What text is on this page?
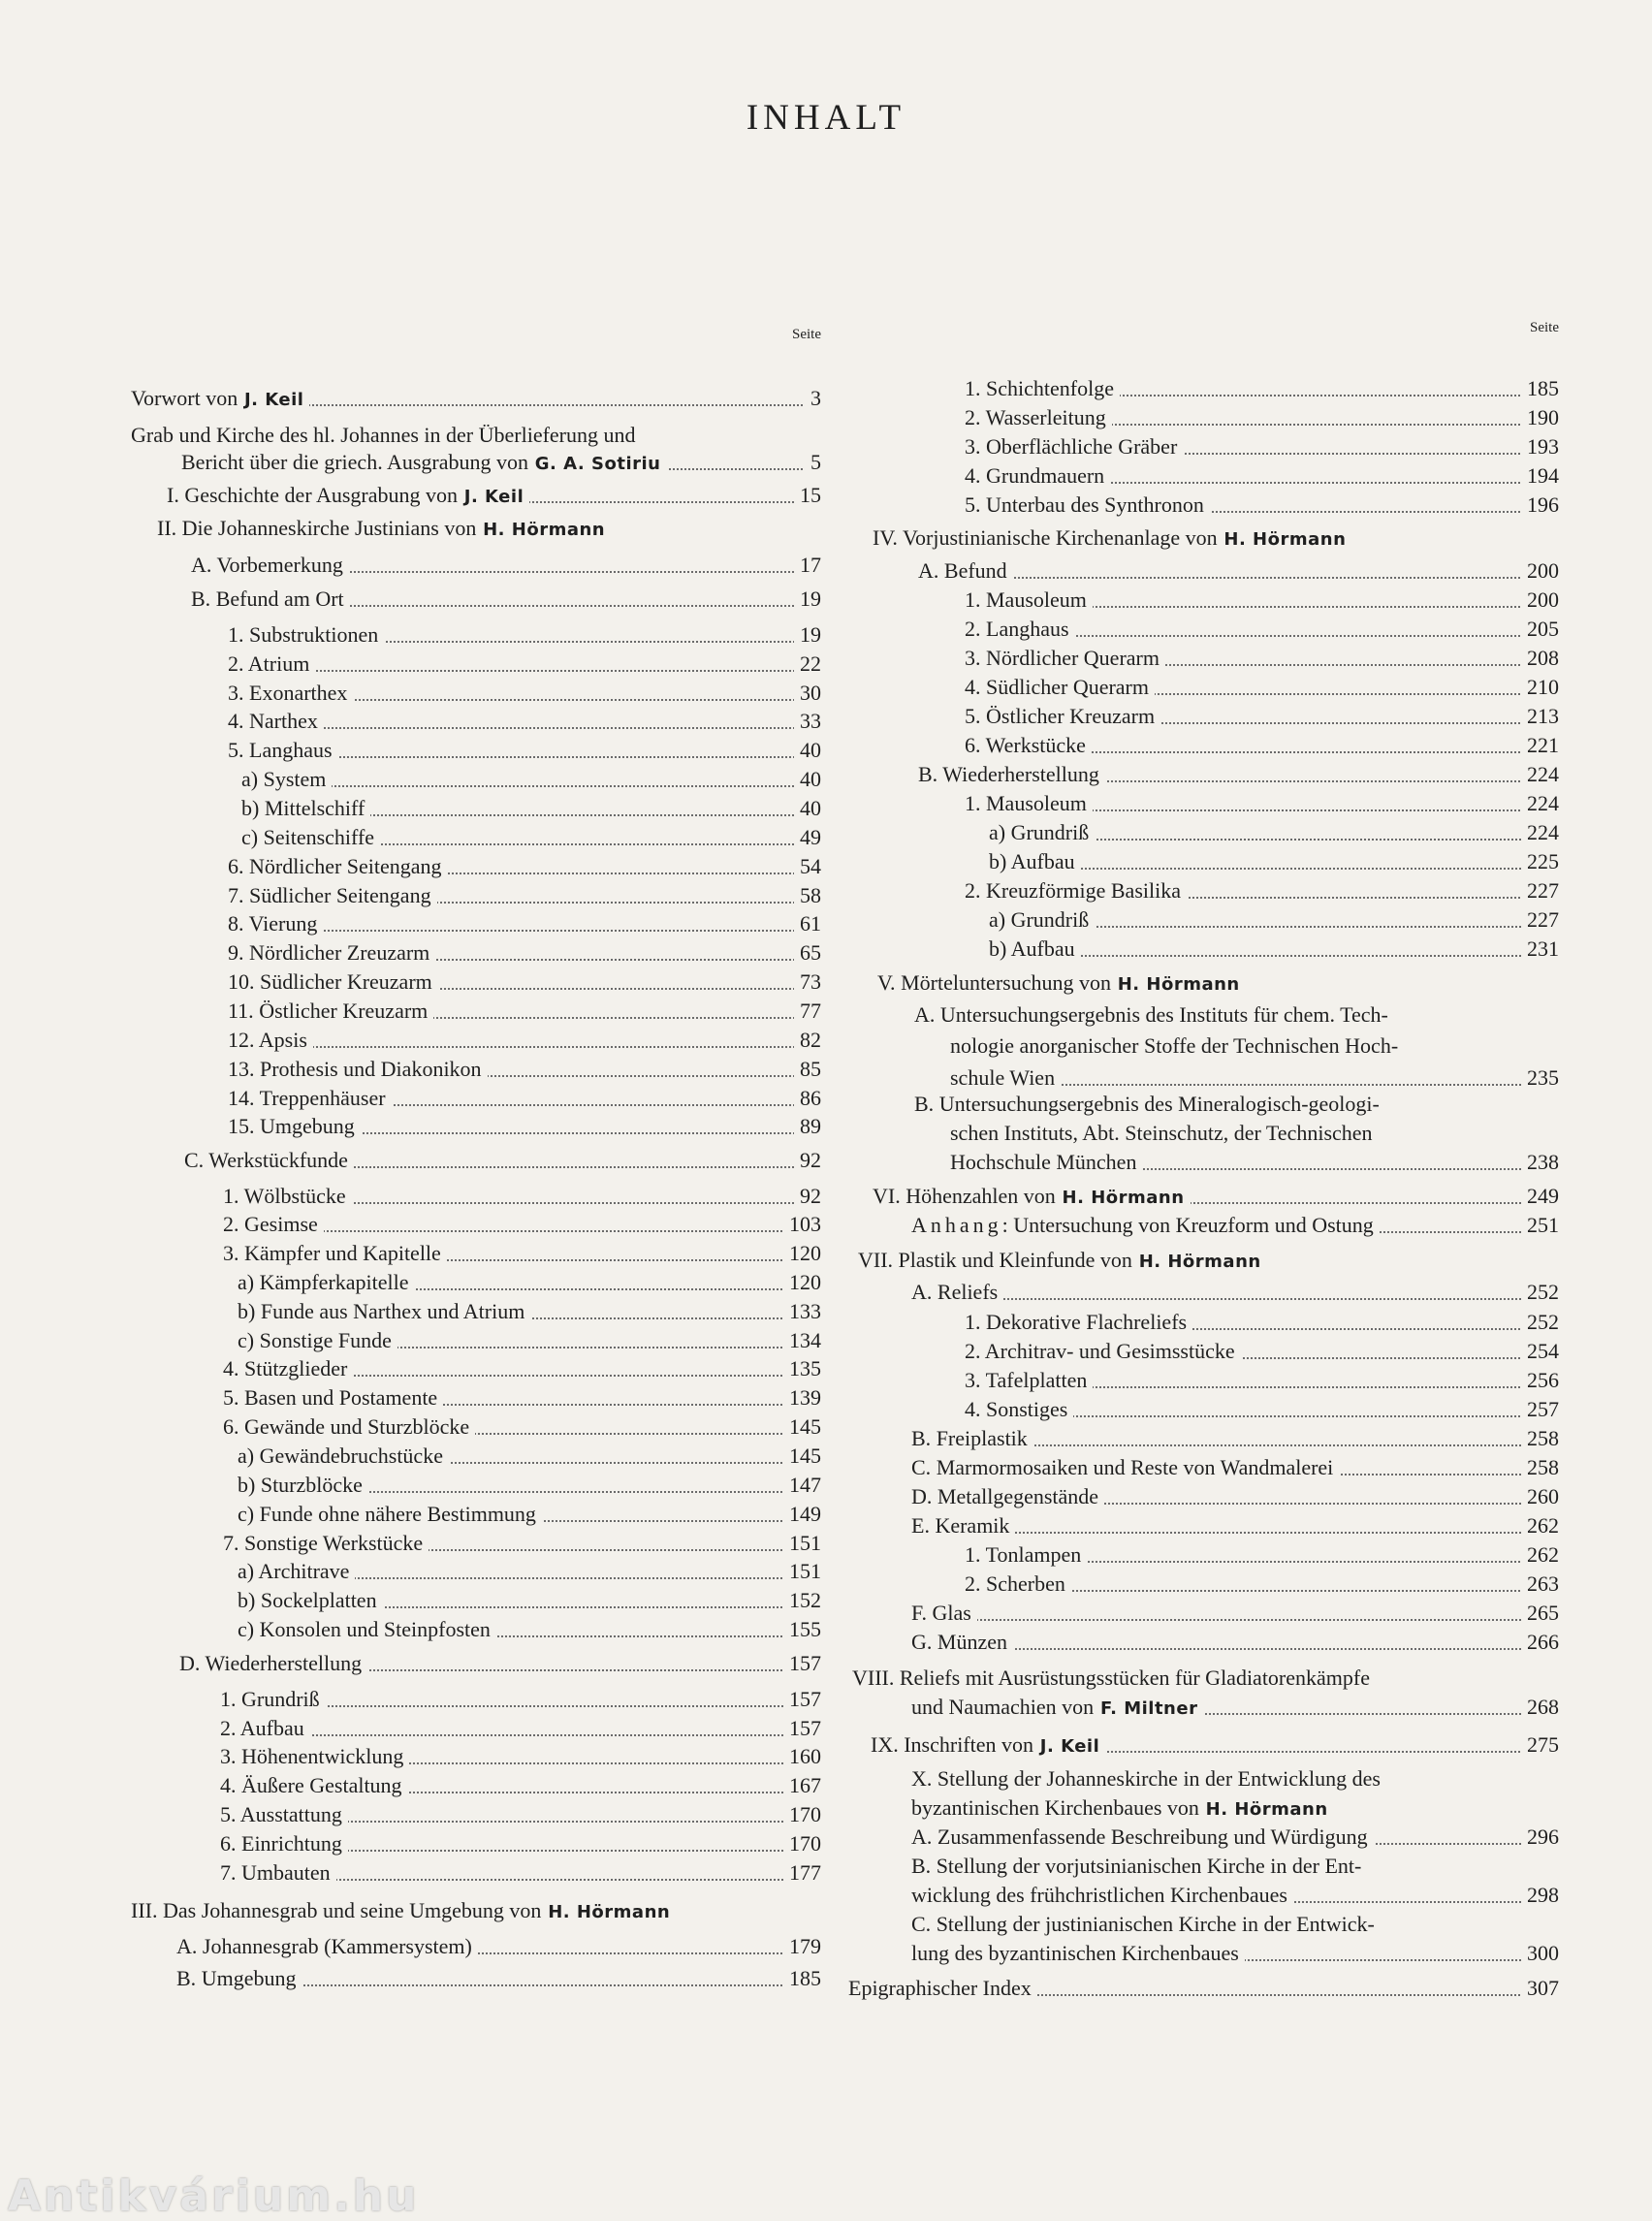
INHALT
Seite
Vorwort von J. Keil	3
Grab und Kirche des hl. Johannes in der Überlieferung und
Bericht über die griech. Ausgrabung von G. A. Sotiriu	5
I. Geschichte der Ausgrabung von J. Keil	15
II. Die Johanneskirche Justinians von H. Hörmann
A. Vorbemerkung	17
B. Befund am Ort	19
1. Substruktionen	19
2. Atrium	22
3. Exonarthex	30
4. Narthex	33
5. Langhaus	40
a) System	40
b) Mittelschiff	40
c) Seitenschiffe	49
6. Nördlicher Seitengang	54
7. Südlicher Seitengang	58
8. Vierung	61
9. Nördlicher Zreuzarm	65
10. Südlicher Kreuzarm	73
11. Östlicher Kreuzarm	77
12. Apsis	82
13. Prothesis und Diakonikon	85
14. Treppenhäuser	86
15. Umgebung	89
C. Werkstückfunde	92
1. Wölbstücke	92
2. Gesimse	103
3. Kämpfer und Kapitelle	120
a) Kämpferkapitelle	120
b) Funde aus Narthex und Atrium	133
c) Sonstige Funde	134
4. Stützglieder	135
5. Basen und Postamente	139
6. Gewände und Sturzblöcke	145
a) Gewändebruchstücke	145
b) Sturzblöcke	147
c) Funde ohne nähere Bestimmung	149
7. Sonstige Werkstücke	151
a) Architrave	151
b) Sockelplatten	152
c) Konsolen und Steinpfosten	155
D. Wiederherstellung	157
1. Grundriß	157
2. Aufbau	157
3. Höhenentwicklung	160
4. Äußere Gestaltung	167
5. Ausstattung	170
6. Einrichtung	170
7. Umbauten	177
III. Das Johannesgrab und seine Umgebung von H. Hörmann
A. Johannesgrab (Kammersystem)	179
B. Umgebung	185
Seite
1. Schichtenfolge	185
2. Wasserleitung	190
3. Oberflächliche Gräber	193
4. Grundmauern	194
5. Unterbau des Synthronon	196
IV. Vorjustinianische Kirchenanlage von H. Hörmann
A. Befund	200
1. Mausoleum	200
2. Langhaus	205
3. Nördlicher Querarm	208
4. Südlicher Querarm	210
5. Östlicher Kreuzarm	213
6. Werkstücke	221
B. Wiederherstellung	224
1. Mausoleum	224
a) Grundriß	224
b) Aufbau	225
2. Kreuzförmige Basilika	227
a) Grundriß	227
b) Aufbau	231
V. Mörteluntersuchung von H. Hörmann
A. Untersuchungsergebnis des Instituts für chem. Tech-
nologie anorganischer Stoffe der Technischen Hoch-
schule Wien	235
B. Untersuchungsergebnis des Mineralogisch-geologi-
schen Instituts, Abt. Steinschutz, der Technischen
Hochschule München	238
VI. Höhenzahlen von H. Hörmann	249
Anhang: Untersuchung von Kreuzform und Ostung	251
VII. Plastik und Kleinfunde von H. Hörmann
A. Reliefs	252
1. Dekorative Flachreliefs	252
2. Architrav- und Gesimsstücke	254
3. Tafelplatten	256
4. Sonstiges	257
B. Freiplastik	258
C. Marmormosaiken und Reste von Wandmalerei	258
D. Metallgegenstände	260
E. Keramik	262
1. Tonlampen	262
2. Scherben	263
F. Glas	265
G. Münzen	266
VIII. Reliefs mit Ausrüstungsstücken für Gladiatorenkämpfe
und Naumachien von F. Miltner	268
IX. Inschriften von J. Keil	275
X. Stellung der Johanneskirche in der Entwicklung des
byzantinischen Kirchenbaues von H. Hörmann
A. Zusammenfassende Beschreibung und Würdigung	296
B. Stellung der vorjutsinianischen Kirche in der Ent-
wicklung des frühchristlichen Kirchenbaues	298
C. Stellung der justinianischen Kirche in der Entwick-
lung des byzantinischen Kirchenbaues	300
Epigraphischer Index	307
Antikvárium.hu
